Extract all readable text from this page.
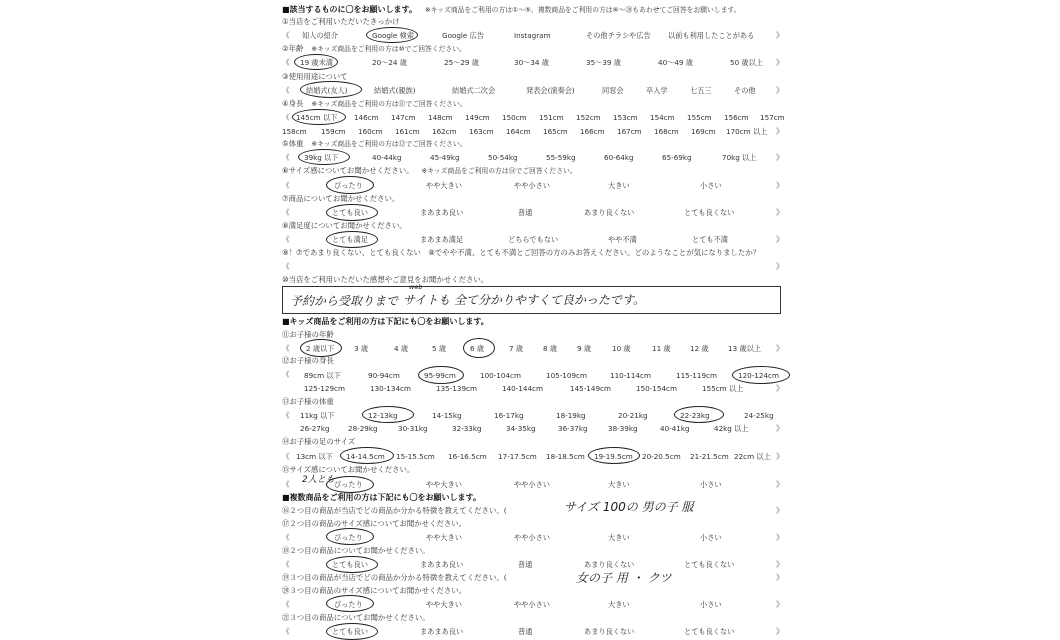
■該当するものに〇をお願いします。 ※キッズ商品をご利用の方は①〜⑤、複数商品をご利用の方は⑥〜⑳もあわせてご回答をお願いします。
①当店をご利用いただいたきっかけ
《 知人の紹介	Google 検索	Google 広告	Instagram	その他チラシや広告 以前も利用したことがある	》
②年齢 ※キッズ商品をご利用の方は⑩でご回答ください。
《 19 歳未満	20〜24 歳	25〜29 歳	30〜34 歳	35〜39 歳	40〜49 歳	50 歳以上 》
③使用用途について
《 結婚式(友人)	結婚式(親族)	結婚式二次会	発表会(演奏会)	同窓会	卒入学	七五三	その他	》
④身長 ※キッズ商品をご利用の方は⑪でご回答ください。
《 145cm 以下 146cm 147cm 148cm 149cm 150cm 151cm 152cm 153cm 154cm 155cm 156cm 157cm
158cm 159cm 160cm 161cm 162cm 163cm 164cm 165cm 166cm 167cm 168cm 169cm 170cm 以上 》
⑤体重 ※キッズ商品をご利用の方は⑫でご回答ください。
《 39kg 以下	40-44kg	45-49kg	50-54kg	55-59kg	60-64kg	65-69kg	70kg 以上	》
⑥サイズ感についてお聞かせください。 ※キッズ商品をご利用の方は⑭でご回答ください。
《	ぴったり	やや大きい	やや小さい	大きい	小さい	》
⑦商品についてお聞かせください。
《	とても良い	まあまあ良い	普通	あまり良くない	とても良くない	》
⑧満足度についてお聞かせください。
《	とても満足	まあまあ満足	どちらでもない	やや不満	とても不満	》
⑨！⑦であまり良くない、とても良くない　⑧でやや不満、とても不満とご回答の方のみお答えください。どのようなことが気になりましたか？
《	》
⑩当店をご利用いただいた感想やご意見をお聞かせください。
予約から受取りまで サイトも 全て分かりやすくて良かったです。
web
■キッズ商品をご利用の方は下記にも〇をお願いします。
⑪お子様の年齢
《 2 歳以下	3 歳	4 歳	5 歳	6 歳	7 歳	8 歳	9 歳	10 歳	11 歳	12 歳	13 歳以上 》
⑫お子様の身長
《 89cm 以下	90-94cm	95-99cm	100-104cm	105-109cm	110-114cm	115-119cm	120-124cm
125-129cm	130-134cm	135-139cm	140-144cm	145-149cm	150-154cm	155cm 以上	》
⑬お子様の体重
《 11kg 以下	12-13kg	14-15kg	16-17kg	18-19kg	20-21kg	22-23kg	24-25kg
26-27kg	28-29kg	30-31kg	32-33kg	34-35kg	36-37kg	38-39kg	40-41kg	42kg 以上	》
⑭お子様の足のサイズ
《 13cm 以下 14-14.5cm 15-15.5cm 16-16.5cm 17-17.5cm 18-18.5cm 19-19.5cm 20-20.5cm 21-21.5cm 22cm 以上 》
⑮サイズ感についてお聞かせください。
2人とも
《	ぴったり	やや大きい	やや小さい	大きい	小さい	》
■複数商品をご利用の方は下記にも〇をお願いします。
⑯２つ目の商品が当店でどの商品か分かる特徴を教えてください。(	サイズ 100の 男の子 服	》
⑰２つ目の商品のサイズ感についてお聞かせください。
《	ぴったり	やや大きい	やや小さい	大きい	小さい	》
⑱２つ目の商品についてお聞かせください。
《	とても良い	まあまあ良い	普通	あまり良くない	とても良くない	》
⑲３つ目の商品が当店でどの商品か分かる特徴を教えてください。(	女の子 用 ・ クツ	》
⑳３つ目の商品のサイズ感についてお聞かせください。
《	ぴったり	やや大きい	やや小さい	大きい	小さい	》
㉑３つ目の商品についてお聞かせください。
《	とても良い	まあまあ良い	普通	あまり良くない	とても良くない	》
